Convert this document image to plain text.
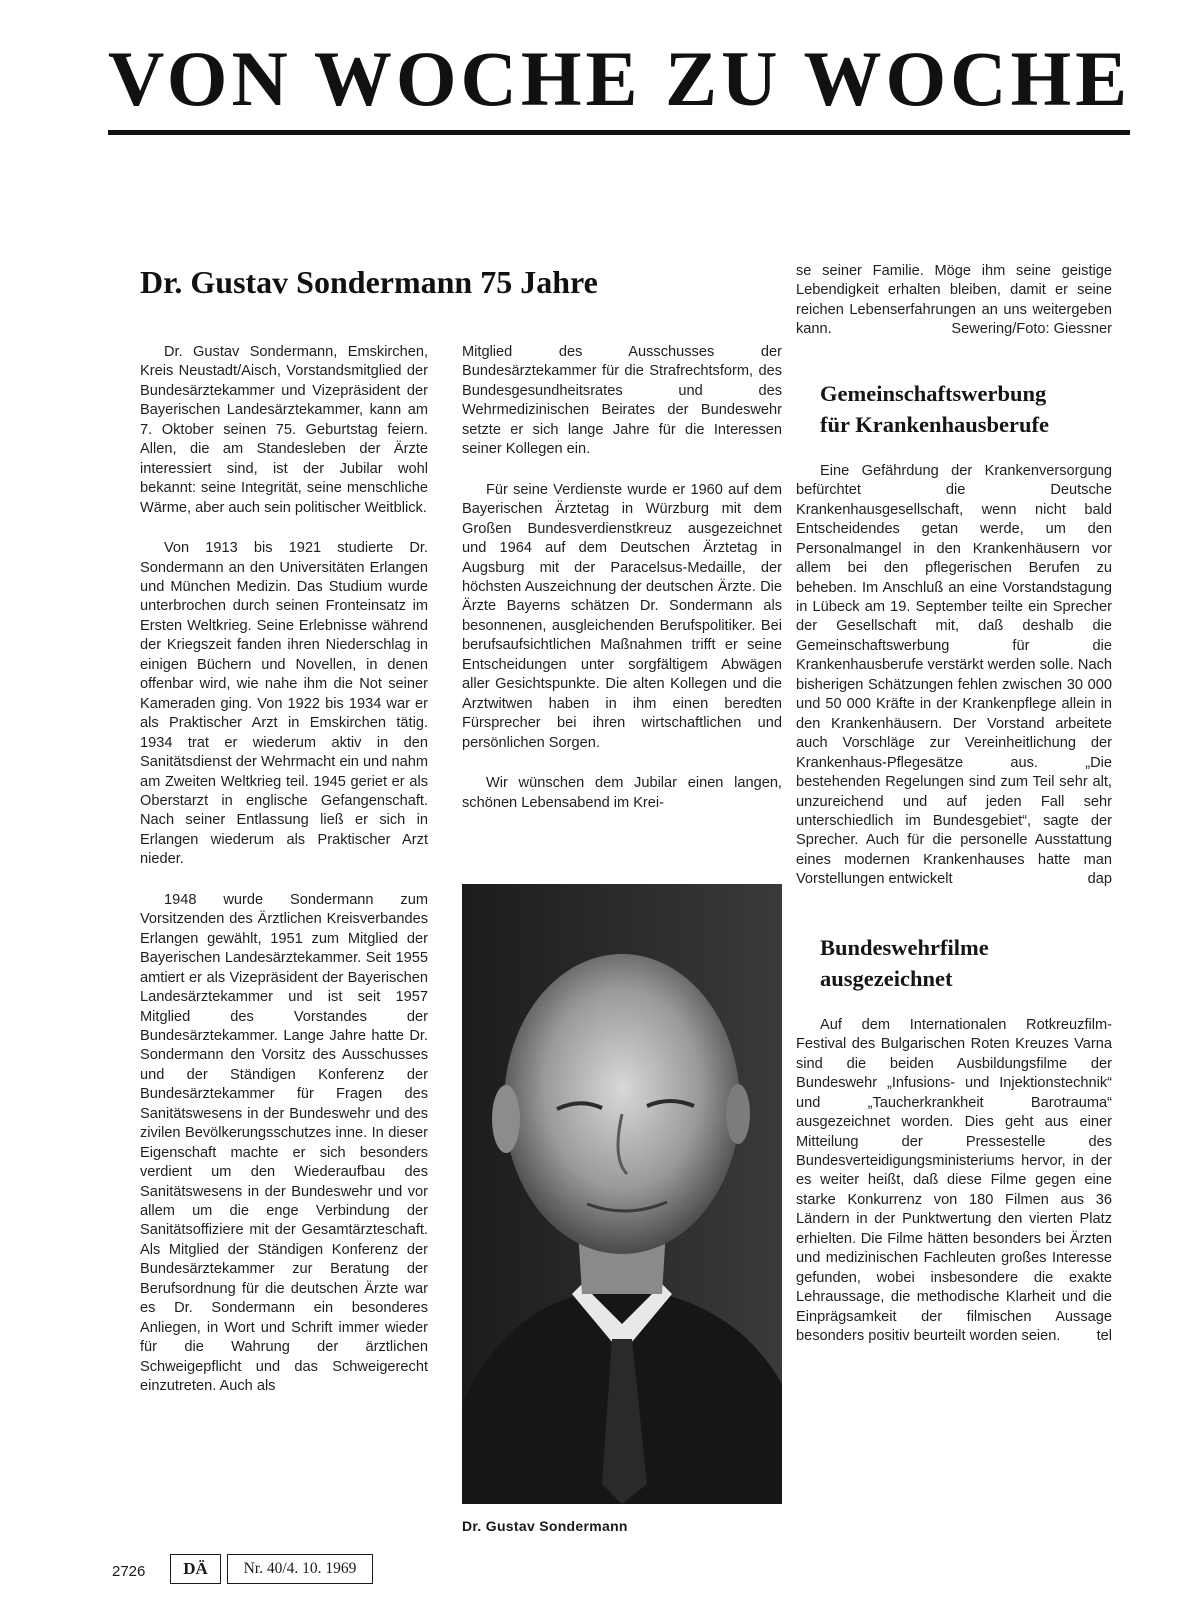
VON WOCHE ZU WOCHE
Dr. Gustav Sondermann 75 Jahre

Dr. Gustav Sondermann, Emskirchen, Kreis Neustadt/Aisch, Vorstandsmitglied der Bundesärztekammer und Vizepräsident der Bayerischen Landesärztekammer, kann am 7. Oktober seinen 75. Geburtstag feiern. Allen, die am Standesleben der Ärzte interessiert sind, ist der Jubilar wohl bekannt: seine Integrität, seine menschliche Wärme, aber auch sein politischer Weitblick.

Von 1913 bis 1921 studierte Dr. Sondermann an den Universitäten Erlangen und München Medizin. Das Studium wurde unterbrochen durch seinen Fronteinsatz im Ersten Weltkrieg. Seine Erlebnisse während der Kriegszeit fanden ihren Niederschlag in einigen Büchern und Novellen, in denen offenbar wird, wie nahe ihm die Not seiner Kameraden ging. Von 1922 bis 1934 war er als Praktischer Arzt in Emskirchen tätig. 1934 trat er wiederum aktiv in den Sanitätsdienst der Wehrmacht ein und nahm am Zweiten Weltkrieg teil. 1945 geriet er als Oberstarzt in englische Gefangenschaft. Nach seiner Entlassung ließ er sich in Erlangen wiederum als Praktischer Arzt nieder.

1948 wurde Sondermann zum Vorsitzenden des Ärztlichen Kreisverbandes Erlangen gewählt, 1951 zum Mitglied der Bayerischen Landesärztekammer. Seit 1955 amtiert er als Vizepräsident der Bayerischen Landesärztekammer und ist seit 1957 Mitglied des Vorstandes der Bundesärztekammer. Lange Jahre hatte Dr. Sondermann den Vorsitz des Ausschusses und der Ständigen Konferenz der Bundesärztekammer für Fragen des Sanitätswesens in der Bundeswehr und des zivilen Bevölkerungsschutzes inne. In dieser Eigenschaft machte er sich besonders verdient um den Wiederaufbau des Sanitätswesens in der Bundeswehr und vor allem um die enge Verbindung der Sanitätsoffiziere mit der Gesamtärzteschaft. Als Mitglied der Ständigen Konferenz der Bundesärztekammer zur Beratung der Berufsordnung für die deutschen Ärzte war es Dr. Sondermann ein besonderes Anliegen, in Wort und Schrift immer wieder für die Wahrung der ärztlichen Schweigepflicht und das Schweigerecht einzutreten. Auch als

Mitglied des Ausschusses der Bundesärztekammer für die Strafrechtsform, des Bundesgesundheitsrates und des Wehrmedizinischen Beirates der Bundeswehr setzte er sich lange Jahre für die Interessen seiner Kollegen ein.

Für seine Verdienste wurde er 1960 auf dem Bayerischen Ärztetag in Würzburg mit dem Großen Bundesverdienstkreuz ausgezeichnet und 1964 auf dem Deutschen Ärztetag in Augsburg mit der Paracelsus-Medaille, der höchsten Auszeichnung der deutschen Ärzte. Die Ärzte Bayerns schätzen Dr. Sondermann als besonnenen, ausgleichenden Berufspolitiker. Bei berufsaufsichtlichen Maßnahmen trifft er seine Entscheidungen unter sorgfältigem Abwägen aller Gesichtspunkte. Die alten Kollegen und die Arztwitwen haben in ihm einen beredten Fürsprecher bei ihren wirtschaftlichen und persönlichen Sorgen.

Wir wünschen dem Jubilar einen langen, schönen Lebensabend im Krei-

Dr. Gustav Sondermann

se seiner Familie. Möge ihm seine geistige Lebendigkeit erhalten bleiben, damit er seine reichen Lebenserfahrungen an uns weitergeben kann.	Sewering/Foto: Giessner

Gemeinschaftswerbung
für Krankenhausberufe

Eine Gefährdung der Krankenversorgung befürchtet die Deutsche Krankenhausgesellschaft, wenn nicht bald Entscheidendes getan werde, um den Personalmangel in den Krankenhäusern vor allem bei den pflegerischen Berufen zu beheben. Im Anschluß an eine Vorstandstagung in Lübeck am 19. September teilte ein Sprecher der Gesellschaft mit, daß deshalb die Gemeinschaftswerbung für die Krankenhausberufe verstärkt werden solle. Nach bisherigen Schätzungen fehlen zwischen 30 000 und 50 000 Kräfte in der Krankenpflege allein in den Krankenhäusern. Der Vorstand arbeitete auch Vorschläge zur Vereinheitlichung der Krankenhaus-Pflegesätze aus. „Die bestehenden Regelungen sind zum Teil sehr alt, unzureichend und auf jeden Fall sehr unterschiedlich im Bundesgebiet“, sagte der Sprecher. Auch für die personelle Ausstattung eines modernen Krankenhauses hatte man Vorstellungen entwickelt	dap

Bundeswehrfilme
ausgezeichnet

Auf dem Internationalen Rotkreuzfilm-Festival des Bulgarischen Roten Kreuzes Varna sind die beiden Ausbildungsfilme der Bundeswehr „Infusions- und Injektionstechnik“ und „Taucherkrankheit Barotrauma“ ausgezeichnet worden. Dies geht aus einer Mitteilung der Pressestelle des Bundesverteidigungsministeriums hervor, in der es weiter heißt, daß diese Filme gegen eine starke Konkurrenz von 180 Filmen aus 36 Ländern in der Punktwertung den vierten Platz erhielten. Die Filme hätten besonders bei Ärzten und medizinischen Fachleuten großes Interesse gefunden, wobei insbesondere die exakte Lehraussage, die methodische Klarheit und die Einprägsamkeit der filmischen Aussage besonders positiv beurteilt worden seien.	tel

2726	DÄ	Nr. 40/4. 10. 1969
